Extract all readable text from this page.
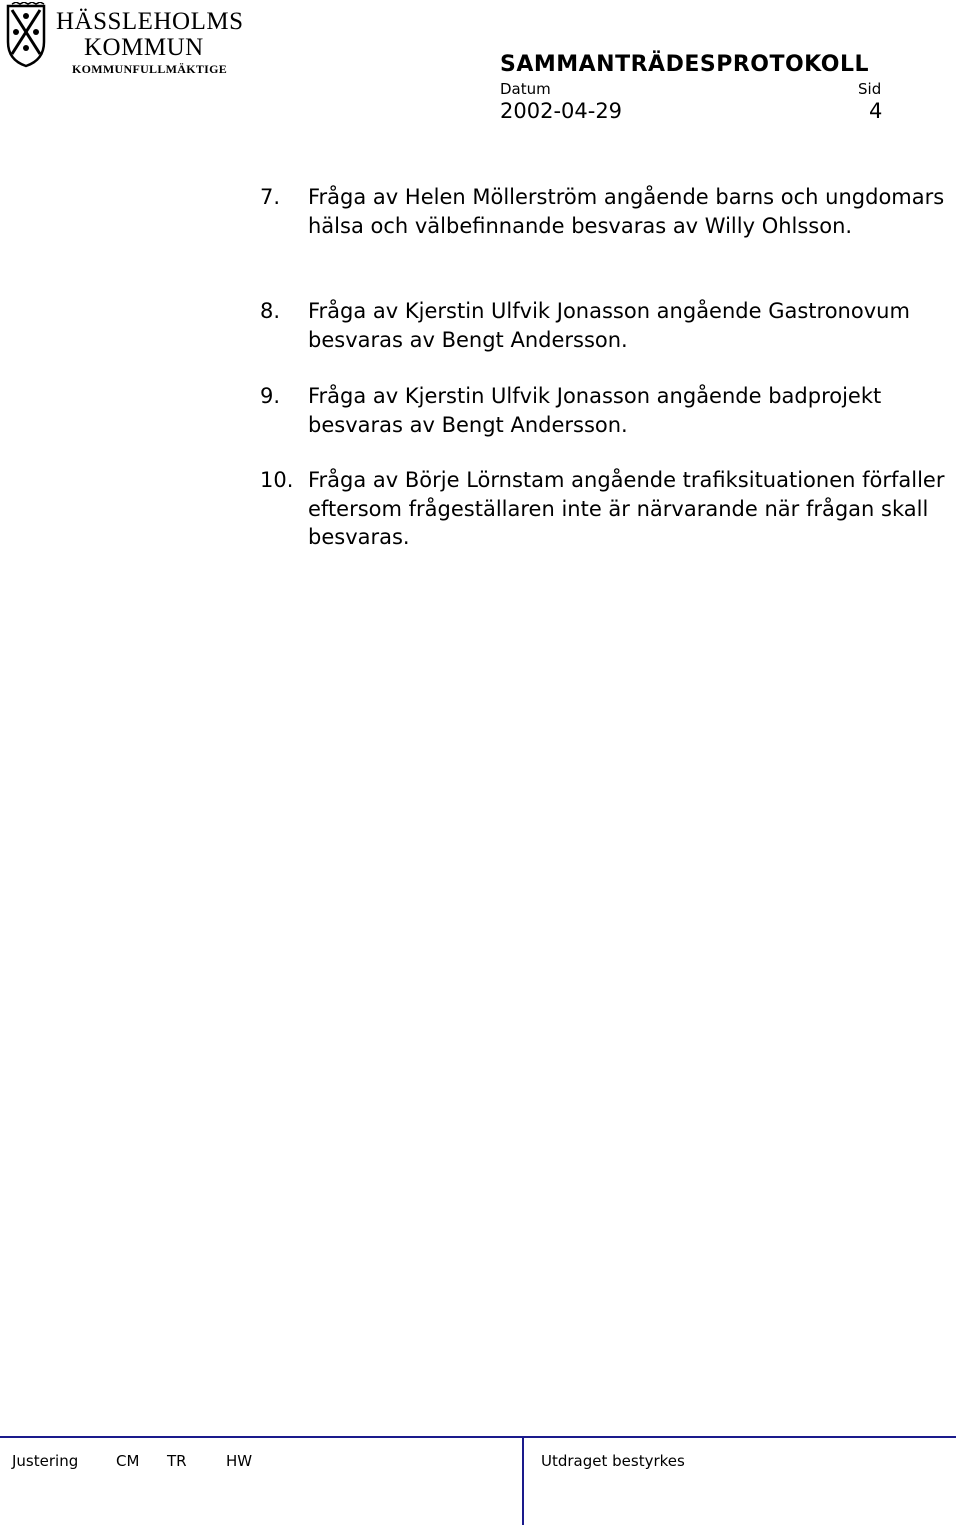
HÄSSLEHOLMS
KOMMUN
KOMMUNFULLMÄKTIGE	SAMMANTRÄDESPROTOKOLL
Datum	Sid
2002-04-29	4
7. Fråga av Helen Möllerström angående barns och ungdomars hälsa och välbefinnande besvaras av Willy Ohlsson.
8. Fråga av Kjerstin Ulfvik Jonasson angående Gastronovum besvaras av Bengt Andersson.
9. Fråga av Kjerstin Ulfvik Jonasson angående badprojekt besvaras av Bengt Andersson.
10. Fråga av Börje Lörnstam angående trafiksituationen förfaller eftersom frågeställaren inte är närvarande när frågan skall besvaras.
Justering	CM TR	HW	Utdraget bestyrkes
